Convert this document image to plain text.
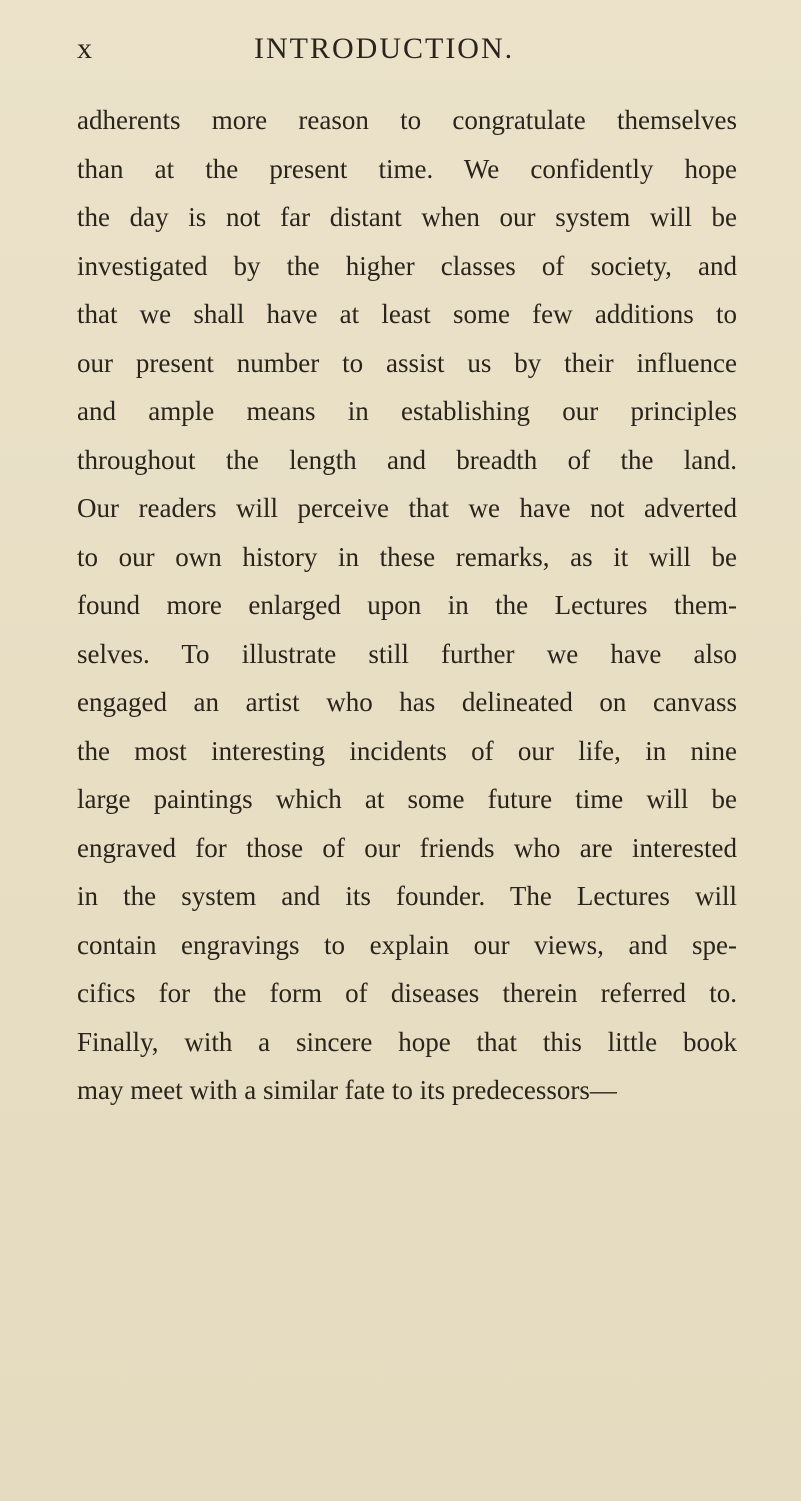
x	INTRODUCTION.
adherents more reason to congratulate themselves
than at the present time. We confidently hope
the day is not far distant when our system will be
investigated by the higher classes of society, and
that we shall have at least some few additions to
our present number to assist us by their influence
and ample means in establishing our principles
throughout the length and breadth of the land.
Our readers will perceive that we have not adverted
to our own history in these remarks, as it will be
found more enlarged upon in the Lectures them-
selves. To illustrate still further we have also
engaged an artist who has delineated on canvass
the most interesting incidents of our life, in nine
large paintings which at some future time will be
engraved for those of our friends who are interested
in the system and its founder. The Lectures will
contain engravings to explain our views, and spe-
cifics for the form of diseases therein referred to.
Finally, with a sincere hope that this little book
may meet with a similar fate to its predecessors—
